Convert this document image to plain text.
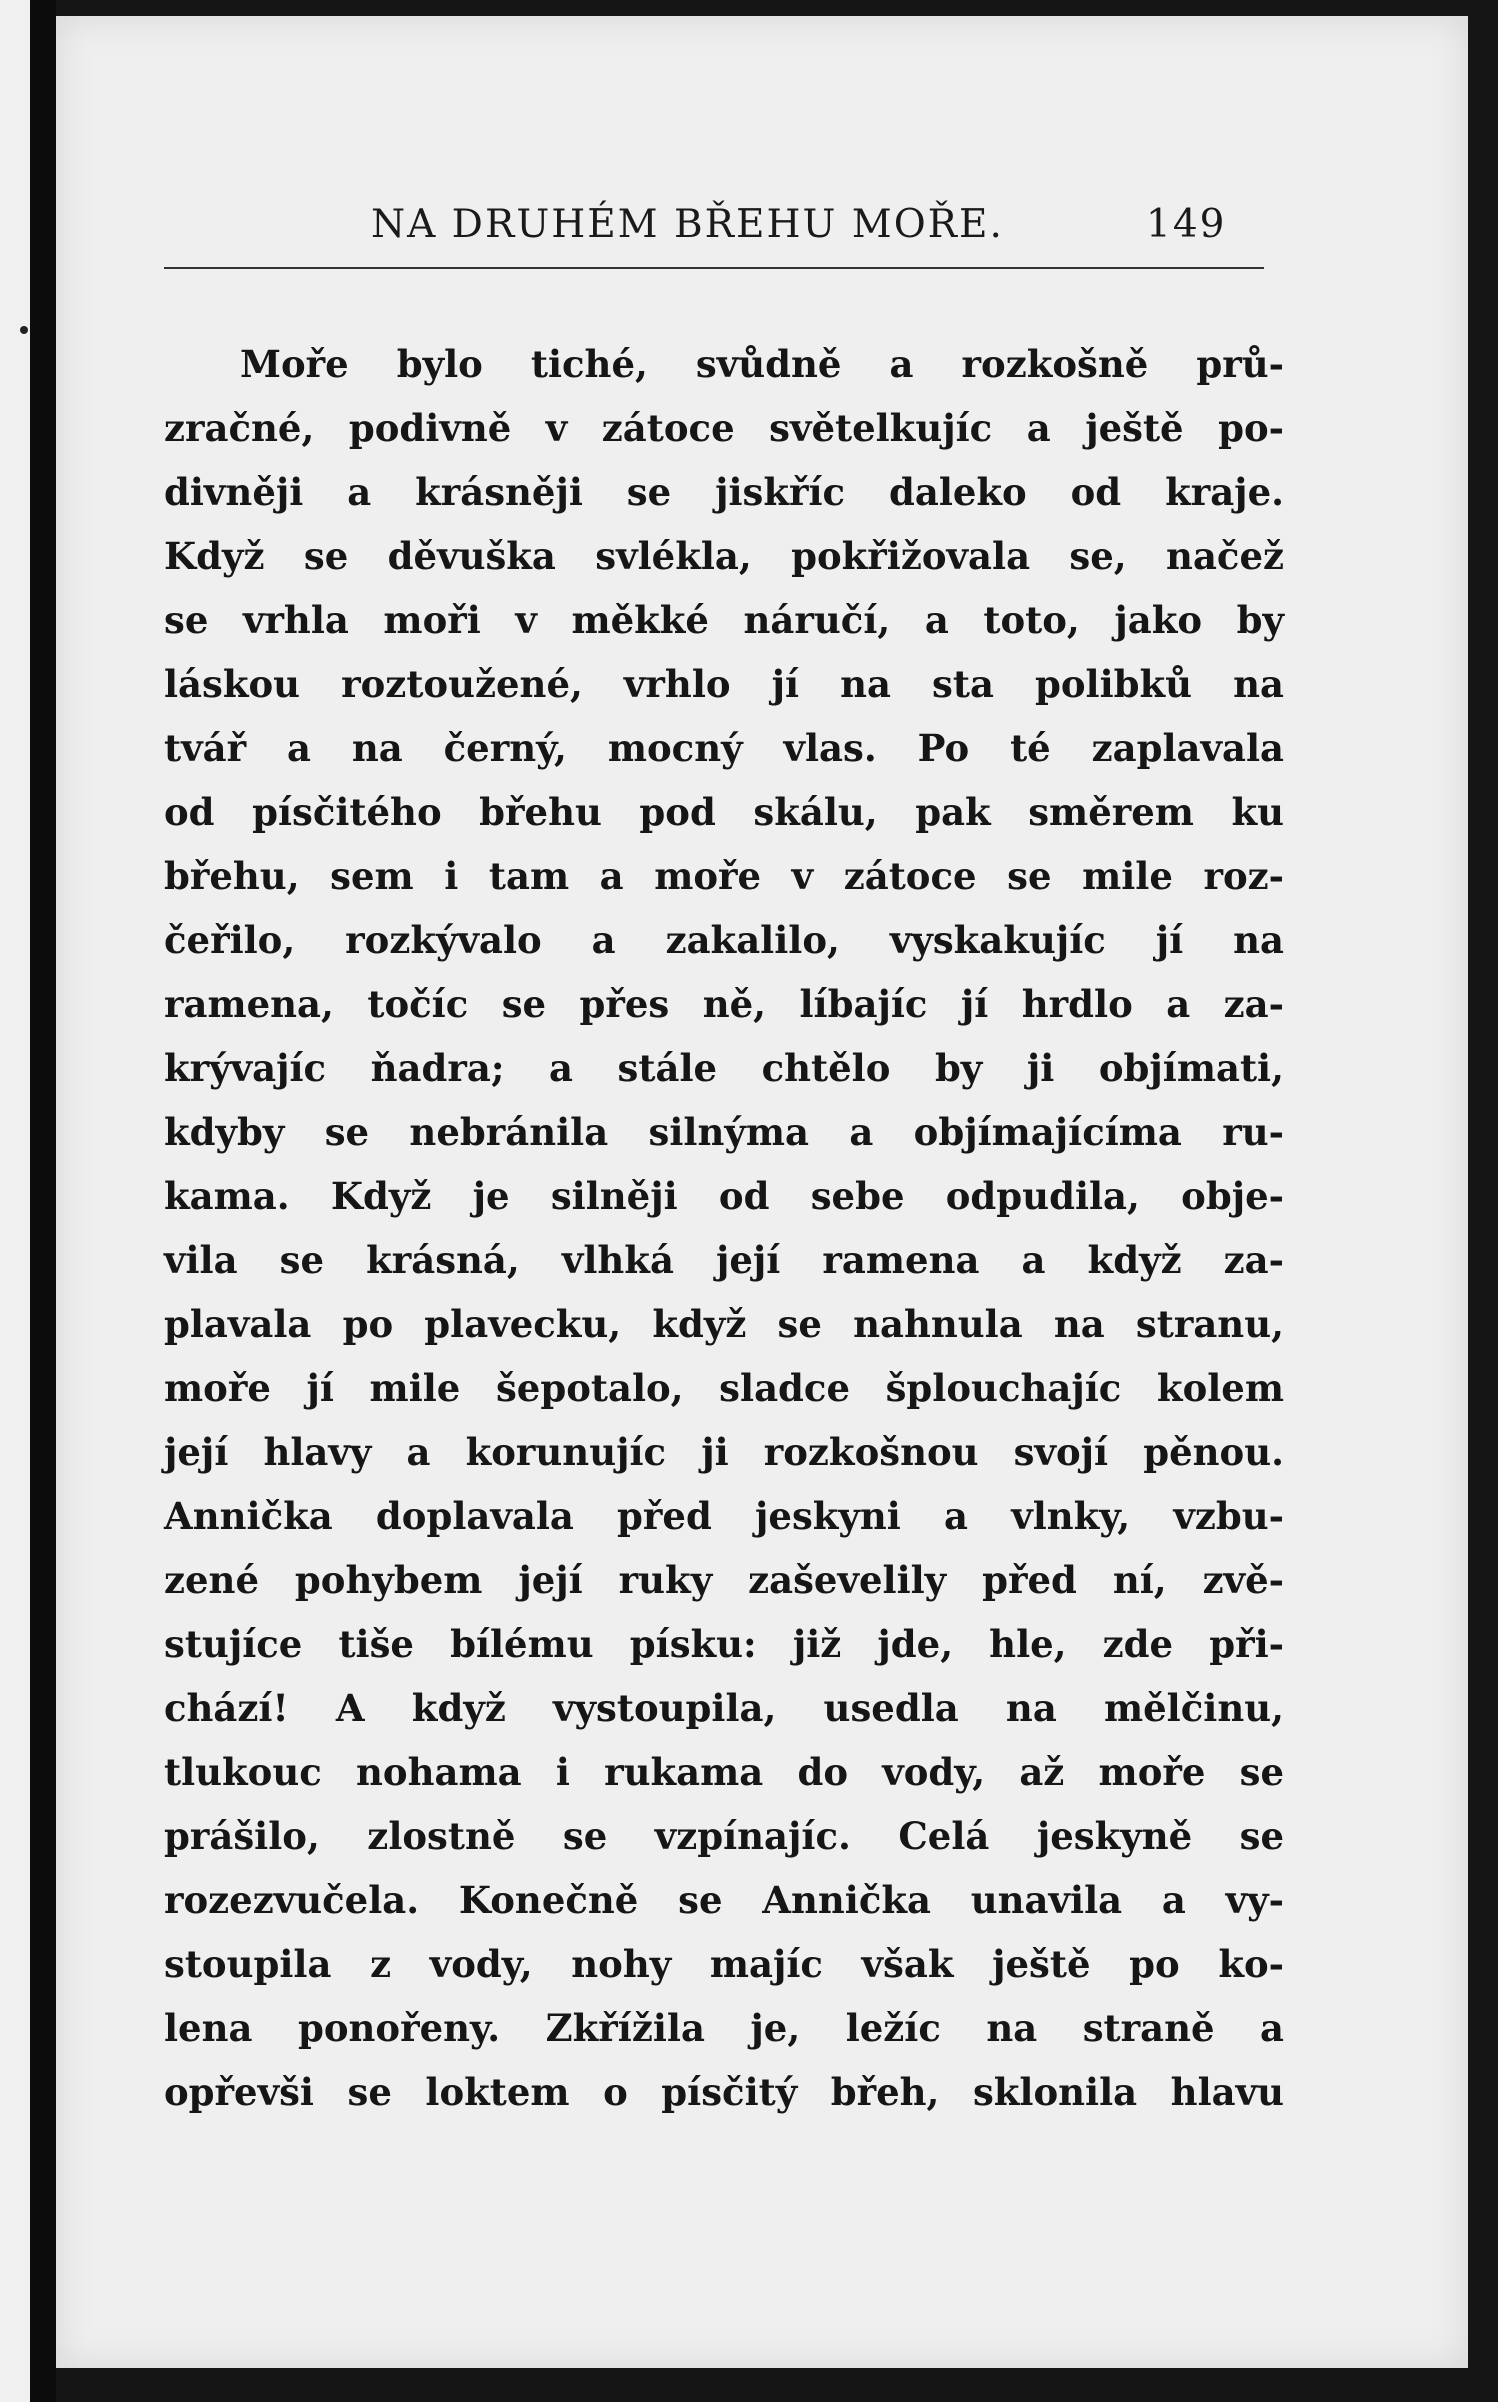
NA DRUHÉM BŘEHU MOŘE.	149
Moře bylo tiché, svůdně a rozkošně prů-
zračné, podivně v zátoce světelkujíc a ještě po-
divněji a krásněji se jiskříc daleko od kraje.
Když se děvuška svlékla, pokřižovala se, načež
se vrhla moři v měkké náručí, a toto, jako by
láskou roztoužené, vrhlo jí na sta polibků na
tvář a na černý, mocný vlas. Po té zaplavala
od písčitého břehu pod skálu, pak směrem ku
břehu, sem i tam a moře v zátoce se mile roz-
čeřilo, rozkývalo a zakalilo, vyskakujíc jí na
ramena, točíc se přes ně, líbajíc jí hrdlo a za-
krývajíc ňadra; a stále chtělo by ji objímati,
kdyby se nebránila silnýma a objímajícíma ru-
kama. Když je silněji od sebe odpudila, obje-
vila se krásná, vlhká její ramena a když za-
plavala po plavecku, když se nahnula na stranu,
moře jí mile šepotalo, sladce šplouchajíc kolem
její hlavy a korunujíc ji rozkošnou svojí pěnou.
Annička doplavala před jeskyni a vlnky, vzbu-
zené pohybem její ruky zaševelily před ní, zvě-
stujíce tiše bílému písku: již jde, hle, zde při-
chází! A když vystoupila, usedla na mělčinu,
tlukouc nohama i rukama do vody, až moře se
prášilo, zlostně se vzpínajíc. Celá jeskyně se
rozezvučela. Konečně se Annička unavila a vy-
stoupila z vody, nohy majíc však ještě po ko-
lena ponořeny. Zkřížila je, ležíc na straně a
opřevši se loktem o písčitý břeh, sklonila hlavu
